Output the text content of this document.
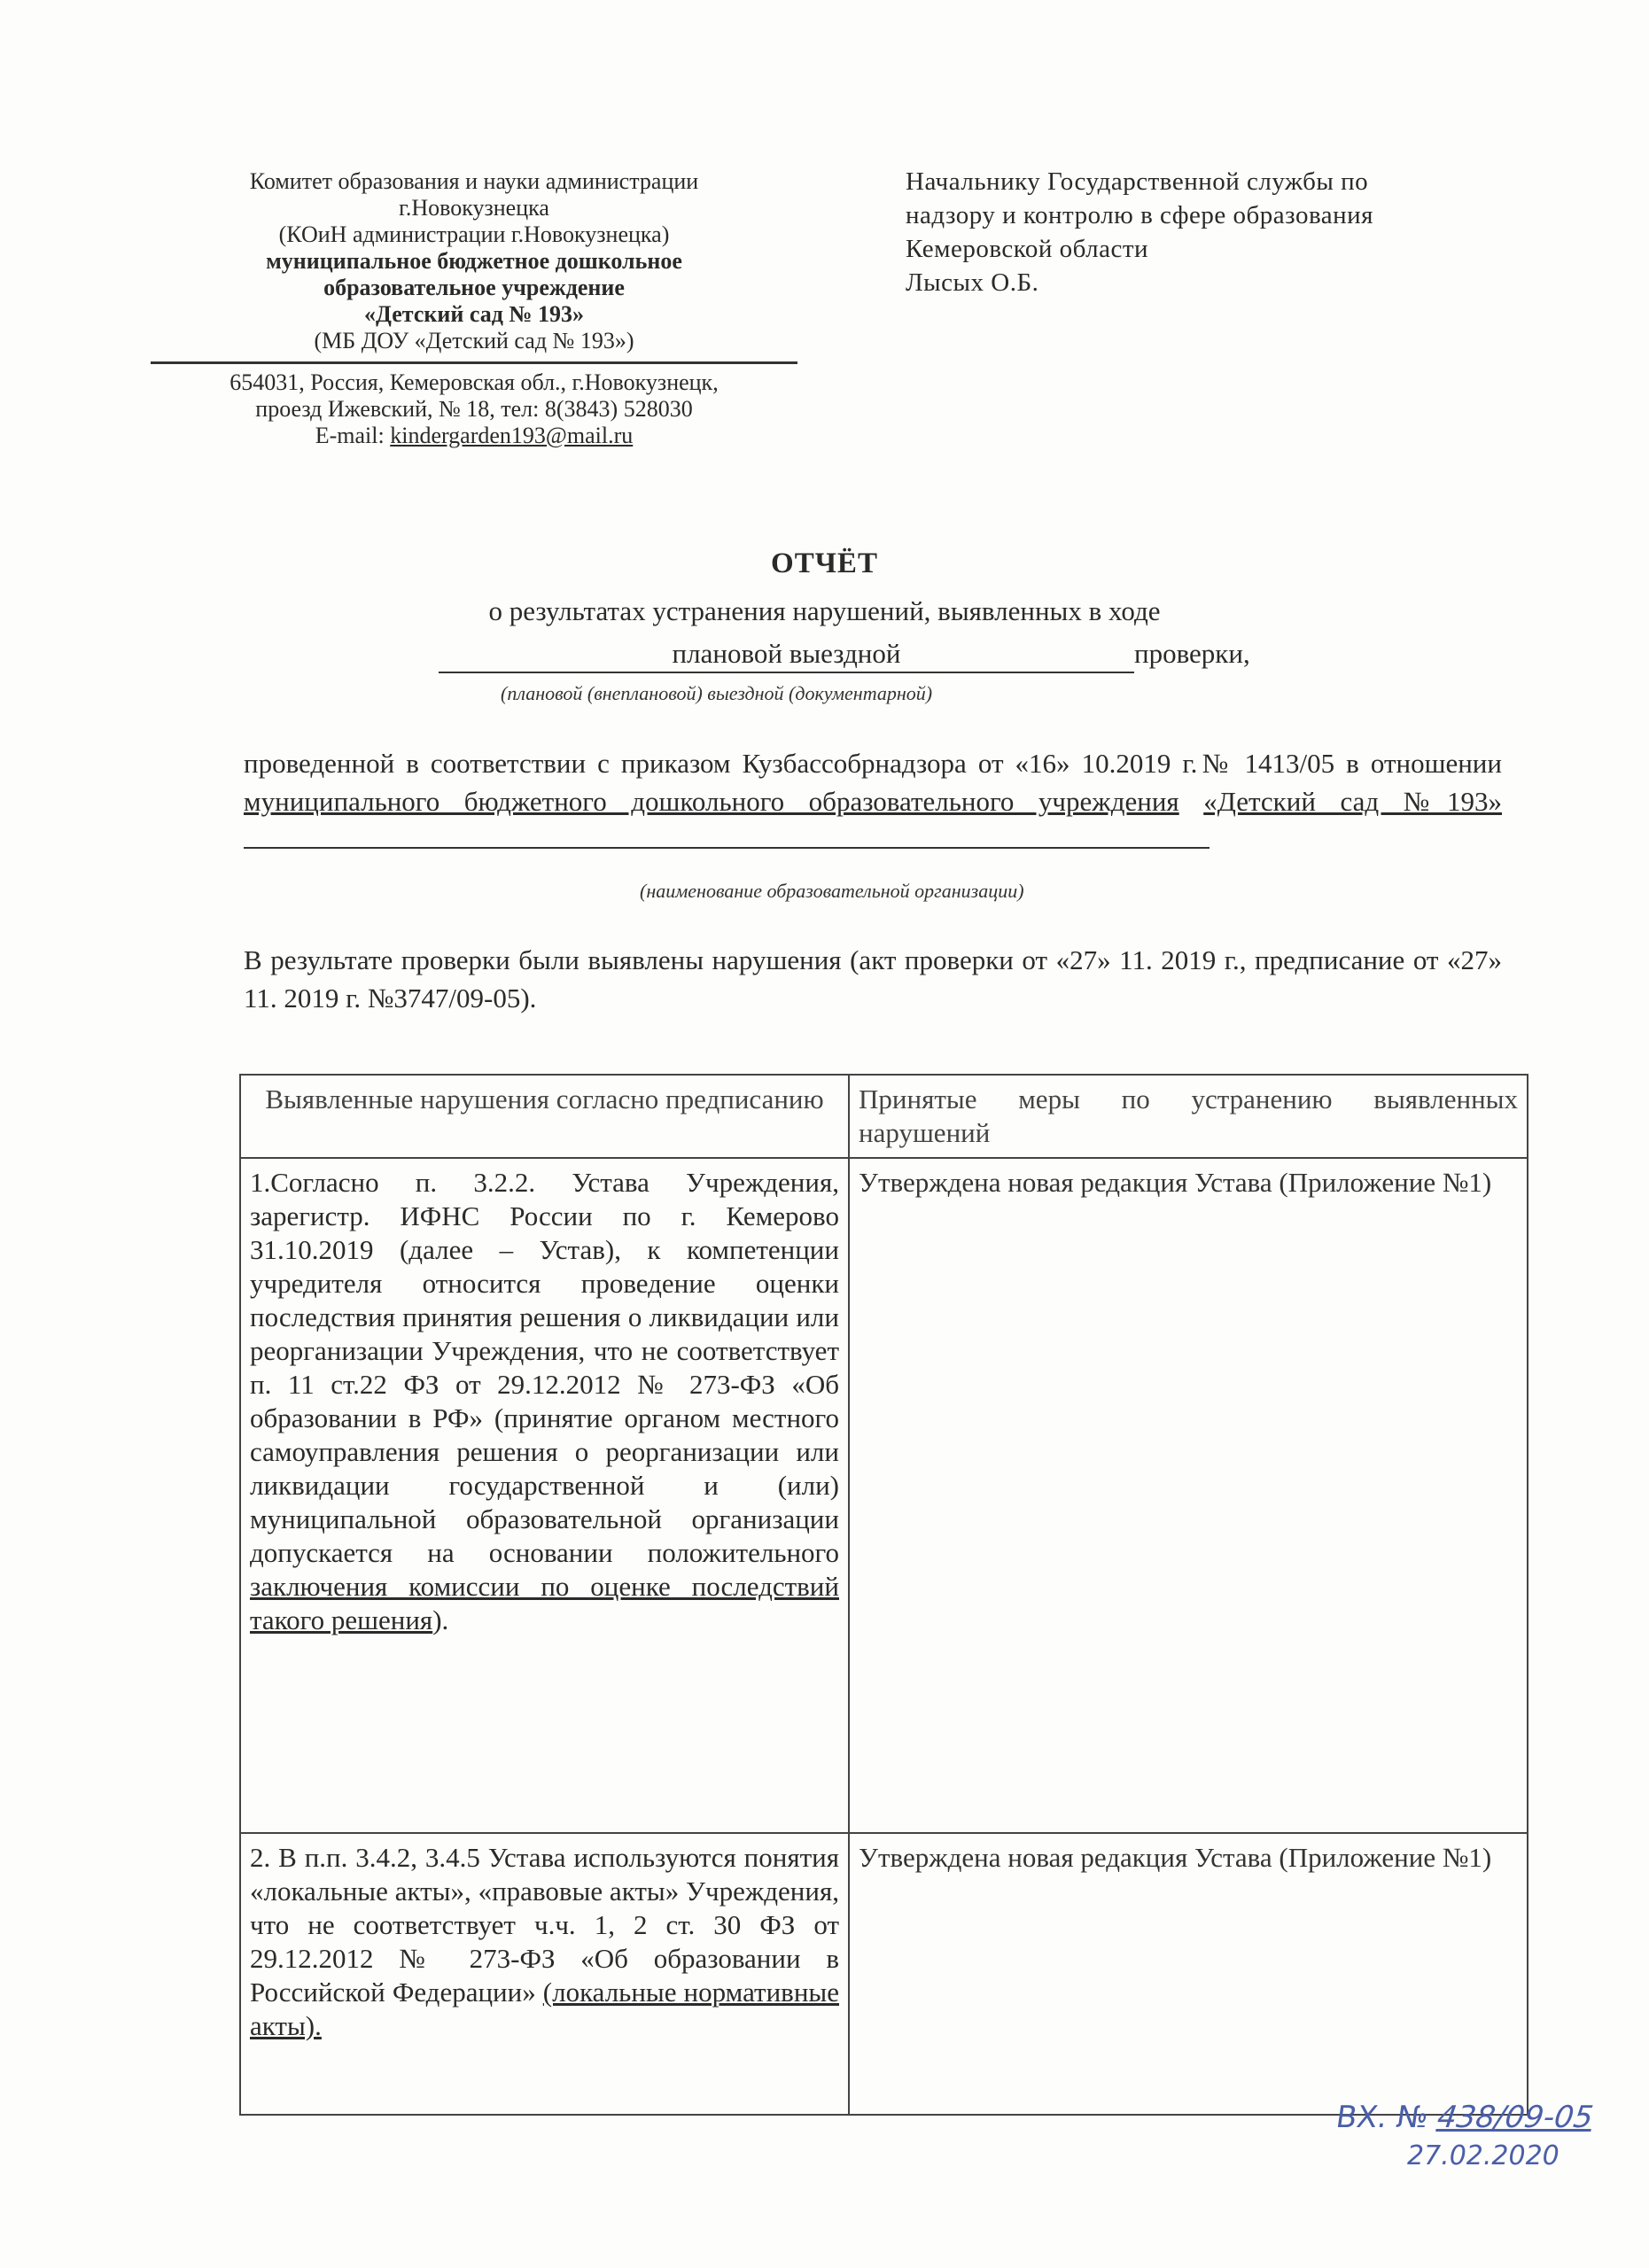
Комитет образования и науки администрации
г.Новокузнецка
(КОиН администрации г.Новокузнецка)
муниципальное бюджетное дошкольное
образовательное учреждение
«Детский сад № 193»
(МБ ДОУ «Детский сад № 193»)
654031, Россия, Кемеровская обл., г.Новокузнецк,
проезд Ижевский, № 18, тел: 8(3843) 528030
E-mail: kindergarden193@mail.ru
Начальнику Государственной службы по
надзору и контролю в сфере образования
Кемеровской области
Лысых О.Б.
ОТЧЁТ
о результатах устранения нарушений, выявленных в ходе
плановой выездной	проверки,
(плановой (внеплановой) выездной (документарной)
проведенной в соответствии с приказом Кузбассобрнадзора от «16» 10.2019 г.№ 1413/05 в отношении муниципального бюджетного дошкольного образовательного учреждения «Детский сад №193»
(наименование образовательной организации)
В результате проверки были выявлены нарушения (акт проверки от «27» 11. 2019 г., предписание от «27» 11. 2019 г. №3747/09-05).
Выявленные нарушения согласно предписанию	Принятые меры по устранению выявленных нарушений
1.Согласно п. 3.2.2. Устава Учреждения, зарегистр. ИФНС России по г. Кемерово 31.10.2019 (далее – Устав), к компетенции учредителя относится проведение оценки последствия принятия решения о ликвидации или реорганизации Учреждения, что не соответствует п. 11 ст.22 ФЗ от 29.12.2012 № 273-ФЗ «Об образовании в РФ» (принятие органом местного самоуправления решения о реорганизации или ликвидации государственной и (или) муниципальной образовательной организации допускается на основании положительного заключения комиссии по оценке последствий такого решения).	Утверждена новая редакция Устава (Приложение №1)
2. В п.п. 3.4.2, 3.4.5 Устава используются понятия «локальные акты», «правовые акты» Учреждения, что не соответствует ч.ч. 1, 2 ст. 30 ФЗ от 29.12.2012 № 273-ФЗ «Об образовании в Российской Федерации» (локальные нормативные акты).	Утверждена новая редакция Устава (Приложение №1)
ВХ. № 438/09-05
27.02.2020
